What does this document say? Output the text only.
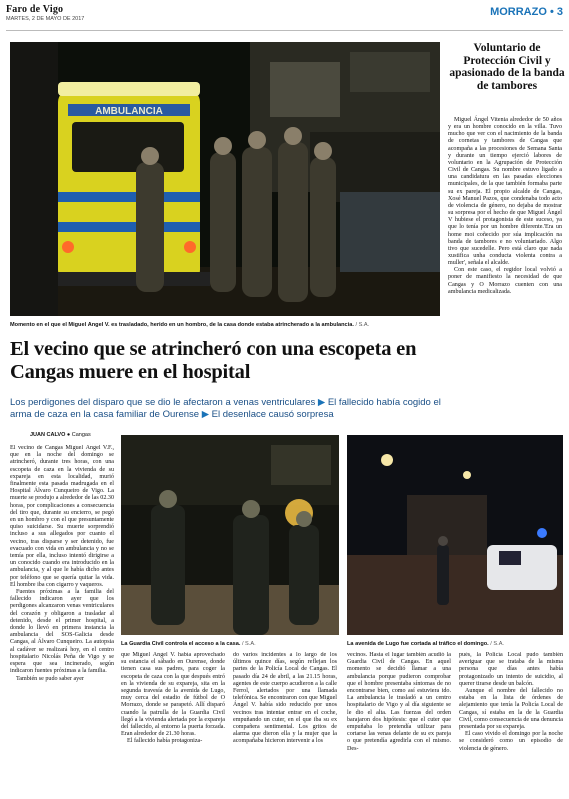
Faro de Vigo
MARTES, 2 DE MAYO DE 2017
MORRAZO • 3
AMBULANCIA
Momento en el que el Miguel Ángel V. es trasladado, herido en un hombro, de la casa donde estaba atrincherado a la ambulancia. / S.A.
Voluntario de Protección Civil y apasionado de la banda de tambores

Miguel Ángel Vitenia alrededor de 50 años y era un hombre conocido en la villa. Tuvo mucho que ver con el nacimiento de la banda de cornetas y tambores de Cangas que acompaña a las procesiones de Semana Santa y durante un tiempo ejerció labores de voluntario en la Agrupación de Protección Civil de Cangas. Su nombre estuvo ligado a una candidatura en las pasadas elecciones municipales, de la que también formaba parte su ex pareja. El propio alcalde de Cangas, Xosé Manuel Pazos, que condenaba todo acto de violencia de género, no dejaba de mostrar su sorpresa por el hecho de que Miguel Ángel V hubiese el protagonista de este suceso, ya que lo tenía por un hombre diferente.'Era un home moi coñecido por súa implicación na banda de tambores e no voluntariado. Algo tivo que sucedelle. Pero está claro que nada xustifica unha conducta violenta contra a muller', señala el alcalde.

Con este caso, el regidor local volvió a poner de manifiesto la necesidad de que Cangas y O Morrazo cuenten con una ambulancia medicalizada.

El vecino que se atrincheró con una escopeta en Cangas muere en el hospital
Los perdigones del disparo que se dio le afectaron a venas ventriculares ▶ El fallecido había cogido el arma de caza en la casa familiar de Ourense ▶ El desenlace causó sorpresa
JUAN CALVO ● Cangas

El vecino de Cangas Miguel Ángel V.F., que en la noche del domingo se atrincheró, durante tres horas, con una escopeta de caza en la vivienda de su expareja en esta localidad, murió finalmente esta pasada madrugada en el Hospital Álvaro Cunqueiro de Vigo. La muerte se produjo a alrededor de las 02.30 horas, por complicaciones a consecuencia del tiro que, durante su encierro, se pegó en un hombro y con el que presuntamente quiso suicidarse. Su muerte sorprendió incluso a sus allegados por cuanto el vecino, tras disparse y ser detenido, fue evacuado con vida en ambulancia y no se temía por ella, incluso intentó dirigirse a un conocido cuando era introducido en la ambulancia, y al que le había dicho antes por teléfono que se quería quitar la vida. El hombre iba con cigarro y vaqueros.

Fuentes próximas a la familia del fallecido indicaron ayer que los perdigones alcanzaron venas ventriculares del corazón y obligaron a trasladar al detenido, desde el primer hospital, a donde lo llevó en primera instancia la ambulancia del SOS-Galicia desde Cangas, al Álvaro Cunqueiro. La autopsia al cadáver se realizará hoy, en el centro hospitalario Nicolás Peña de Vigo y se espera que sea incinerado, según indicaron fuentes próximas a la familia.

También se pudo saber ayer

La Guardia Civil controla el acceso a la casa. / S.A.	La avenida de Lugo fue cortada al tráfico el domingo. / S.A.

que Miguel Ángel V. había aprovechado su estancia el sábado en Ourense, donde tienen casa sus padres, para coger la escopeta de caza con la que después entró en la vivienda de su expareja, sita en la segunda travesía de la avenida de Lugo, muy cerca del estadio de fútbol de O Morrazo, donde se parapetó. Allí disparó cuando la patrulla de la Guardia Civil llegó a la vivienda alertada por la expareja del fallecido, al entorno la puerta forzada. Eran alrededor de 21.30 horas.

El fallecido había protagoniza-

do varios incidentes a lo largo de los últimos quince días, según reflejan los partes de la Policía Local de Cangas. El pasado día 24 de abril, a las 21.15 horas, agentes de este cuerpo acudieron a la calle Ferrol, alertados por una llamada telefónica. Se encontraron con que Miguel Ángel V. había sido reducido por unos vecinos tras intentar entrar en el coche, empuñando un cuter, en el que iba su ex compañera sentimental. Los gritos de alarma que dieron ella y la mujer que la acompañaba hicieron intervenir a los

vecinos. Hasta el lugar también acudió la Guardia Civil de Cangas. En aquel momento se decidió llamar a una ambulancia porque pudieron comprobar que el hombre presentaba síntomas de no encontrarse bien, como así estuviera ido. La ambulancia le trasladó a un centro hospitalario de Vigo y al día siguiente se le dio el alta. Las fuerzas del orden barajaron dos hipótesis: que el cuter que empuñaba lo pretendía utilizar para cortarse las venas delante de su ex pareja o que pretendía agredirla con el mismo. Des-

pués, la Policía Local pudo también averiguar que se trataba de la misma persona que días antes había protagonizado un intento de suicidio, al querer tirarse desde un balcón.

Aunque el nombre del fallecido no estaba en la lista de órdenes de alejamiento que tenía la Policía Local de Cangas, sí estaba en la de la Guardia Civil, como consecuencia de una denuncia presentada por su expareja.

El caso vivido el domingo por la noche se consideró como un episodio de violencia de género.
